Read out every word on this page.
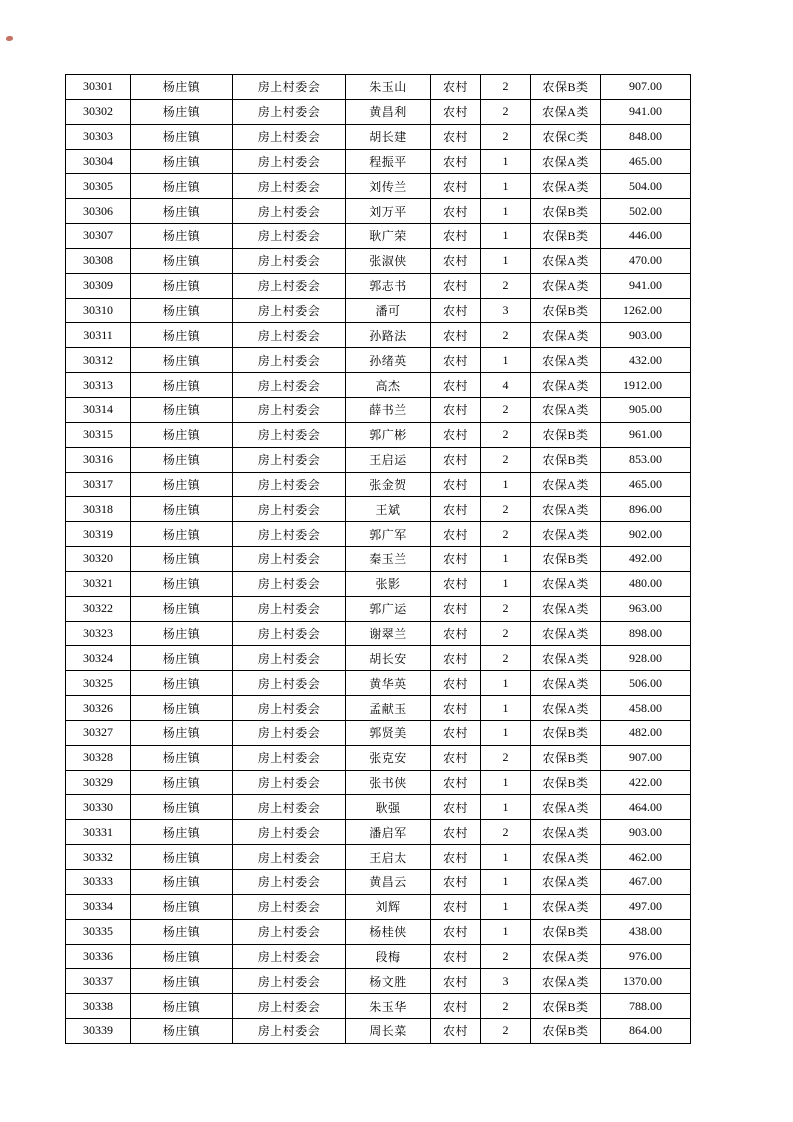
30301	杨庄镇	房上村委会	朱玉山	农村	2	农保B类	907.00
30302	杨庄镇	房上村委会	黄昌利	农村	2	农保A类	941.00
30303	杨庄镇	房上村委会	胡长建	农村	2	农保C类	848.00
30304	杨庄镇	房上村委会	程振平	农村	1	农保A类	465.00
30305	杨庄镇	房上村委会	刘传兰	农村	1	农保A类	504.00
30306	杨庄镇	房上村委会	刘万平	农村	1	农保B类	502.00
30307	杨庄镇	房上村委会	耿广荣	农村	1	农保B类	446.00
30308	杨庄镇	房上村委会	张淑侠	农村	1	农保A类	470.00
30309	杨庄镇	房上村委会	郭志书	农村	2	农保A类	941.00
30310	杨庄镇	房上村委会	潘可	农村	3	农保B类	1262.00
30311	杨庄镇	房上村委会	孙路法	农村	2	农保A类	903.00
30312	杨庄镇	房上村委会	孙绪英	农村	1	农保A类	432.00
30313	杨庄镇	房上村委会	高杰	农村	4	农保A类	1912.00
30314	杨庄镇	房上村委会	薛书兰	农村	2	农保A类	905.00
30315	杨庄镇	房上村委会	郭广彬	农村	2	农保B类	961.00
30316	杨庄镇	房上村委会	王启运	农村	2	农保B类	853.00
30317	杨庄镇	房上村委会	张金贺	农村	1	农保A类	465.00
30318	杨庄镇	房上村委会	王斌	农村	2	农保A类	896.00
30319	杨庄镇	房上村委会	郭广军	农村	2	农保A类	902.00
30320	杨庄镇	房上村委会	秦玉兰	农村	1	农保B类	492.00
30321	杨庄镇	房上村委会	张影	农村	1	农保A类	480.00
30322	杨庄镇	房上村委会	郭广运	农村	2	农保A类	963.00
30323	杨庄镇	房上村委会	谢翠兰	农村	2	农保A类	898.00
30324	杨庄镇	房上村委会	胡长安	农村	2	农保A类	928.00
30325	杨庄镇	房上村委会	黄华英	农村	1	农保A类	506.00
30326	杨庄镇	房上村委会	孟献玉	农村	1	农保A类	458.00
30327	杨庄镇	房上村委会	郭贤美	农村	1	农保B类	482.00
30328	杨庄镇	房上村委会	张克安	农村	2	农保B类	907.00
30329	杨庄镇	房上村委会	张书侠	农村	1	农保B类	422.00
30330	杨庄镇	房上村委会	耿强	农村	1	农保A类	464.00
30331	杨庄镇	房上村委会	潘启军	农村	2	农保A类	903.00
30332	杨庄镇	房上村委会	王启太	农村	1	农保A类	462.00
30333	杨庄镇	房上村委会	黄昌云	农村	1	农保A类	467.00
30334	杨庄镇	房上村委会	刘辉	农村	1	农保A类	497.00
30335	杨庄镇	房上村委会	杨桂侠	农村	1	农保B类	438.00
30336	杨庄镇	房上村委会	段梅	农村	2	农保A类	976.00
30337	杨庄镇	房上村委会	杨文胜	农村	3	农保A类	1370.00
30338	杨庄镇	房上村委会	朱玉华	农村	2	农保B类	788.00
30339	杨庄镇	房上村委会	周长菜	农村	2	农保B类	864.00
